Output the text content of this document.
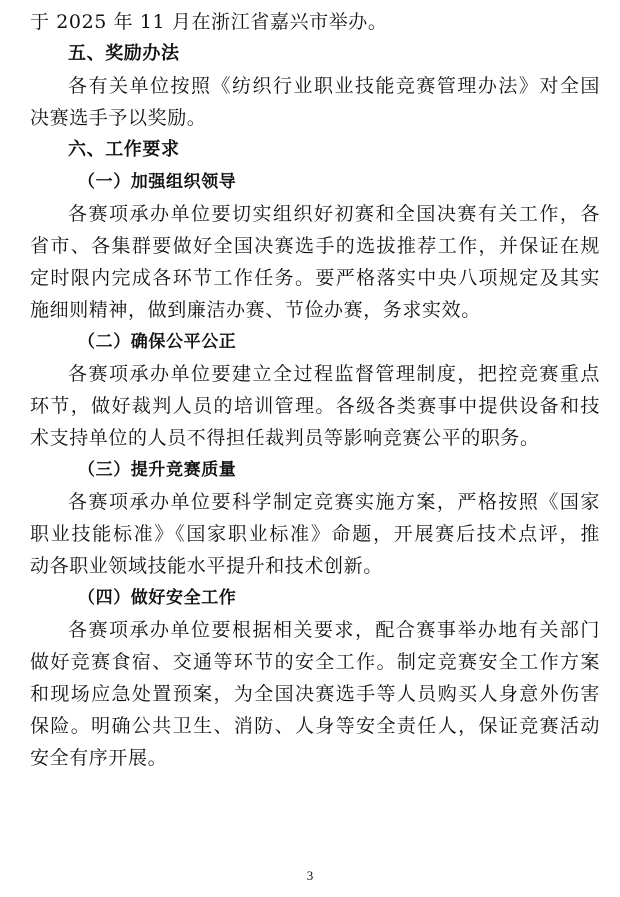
于 2025 年 11 月在浙江省嘉兴市举办。
五、奖励办法
各有关单位按照《纺织行业职业技能竞赛管理办法》对全国
决赛选手予以奖励。
六、工作要求
（一）加强组织领导
各赛项承办单位要切实组织好初赛和全国决赛有关工作，各
省市、各集群要做好全国决赛选手的选拔推荐工作，并保证在规
定时限内完成各环节工作任务。要严格落实中央八项规定及其实
施细则精神，做到廉洁办赛、节俭办赛，务求实效。
（二）确保公平公正
各赛项承办单位要建立全过程监督管理制度，把控竞赛重点
环节，做好裁判人员的培训管理。各级各类赛事中提供设备和技
术支持单位的人员不得担任裁判员等影响竞赛公平的职务。
（三）提升竞赛质量
各赛项承办单位要科学制定竞赛实施方案，严格按照《国家
职业技能标准》《国家职业标准》命题，开展赛后技术点评，推
动各职业领域技能水平提升和技术创新。
（四）做好安全工作
各赛项承办单位要根据相关要求，配合赛事举办地有关部门
做好竞赛食宿、交通等环节的安全工作。制定竞赛安全工作方案
和现场应急处置预案，为全国决赛选手等人员购买人身意外伤害
保险。明确公共卫生、消防、人身等安全责任人，保证竞赛活动
安全有序开展。
3
